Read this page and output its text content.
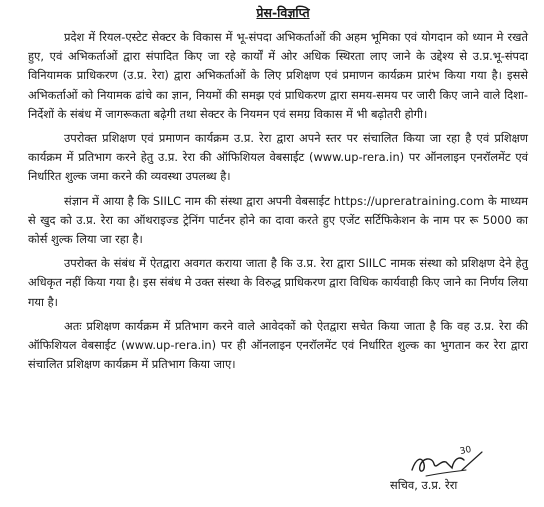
प्रेस-विज्ञप्ति

प्रदेश में रियल-एस्टेट सेक्टर के विकास में भू-संपदा अभिकर्ताओं की अहम भूमिका एवं योगदान को ध्यान मे रखते हुए, एवं अभिकर्ताओं द्वारा संपादित किए जा रहे कार्यों में ओर अधिक स्थिरता लाए जाने के उद्देश्य से उ.प्र.भू-संपदा विनियामक प्राधिकरण (उ.प्र. रेरा) द्वारा अभिकर्ताओं के लिए प्रशिक्षण एवं प्रमाणन कार्यक्रम प्रारंभ किया गया है। इससे अभिकर्ताओं को नियामक ढांचे का ज्ञान, नियमों की समझ एवं प्राधिकरण द्वारा समय-समय पर जारी किए जाने वाले दिशा-निर्देशों के संबंध में जागरूकता बढ़ेगी तथा सेक्टर के नियमन एवं समग्र विकास में भी बढ़ोतरी होगी।

उपरोक्त प्रशिक्षण एवं प्रमाणन कार्यक्रम उ.प्र. रेरा द्वारा अपने स्तर पर संचालित किया जा रहा है एवं प्रशिक्षण कार्यक्रम में प्रतिभाग करने हेतु उ.प्र. रेरा की ऑफिशियल वेबसाईट (www.up-rera.in) पर ऑनलाइन एनरॉलमेंट एवं निर्धारित शुल्क जमा करने की व्यवस्था उपलब्ध है।

संज्ञान में आया है कि SIILC नाम की संस्था द्वारा अपनी वेबसाईट https://upreratraining.com के माध्यम से खुद को उ.प्र. रेरा का ऑथराइज्ड ट्रेनिंग पार्टनर होने का दावा करते हुए एजेंट सर्टिफिकेशन के नाम पर रू 5000 का कोर्स शुल्क लिया जा रहा है।

उपरोक्त के संबंध में ऐतद्वारा अवगत कराया जाता है कि उ.प्र. रेरा द्वारा SIILC नामक संस्था को प्रशिक्षण देने हेतु अधिकृत नहीं किया गया है। इस संबंध मे उक्त संस्था के विरुद्ध प्राधिकरण द्वारा विधिक कार्यवाही किए जाने का निर्णय लिया गया है।

अतः प्रशिक्षण कार्यक्रम में प्रतिभाग करने वाले आवेदकों को ऐतद्वारा सचेत किया जाता है कि वह उ.प्र. रेरा की ऑफिशियल वेबसाईट (www.up-rera.in) पर ही ऑनलाइन एनरॉलमेंट एवं निर्धारित शुल्क का भुगतान कर रेरा द्वारा संचालित प्रशिक्षण कार्यक्रम में प्रतिभाग किया जाए।

30
सचिव, उ.प्र. रेरा
